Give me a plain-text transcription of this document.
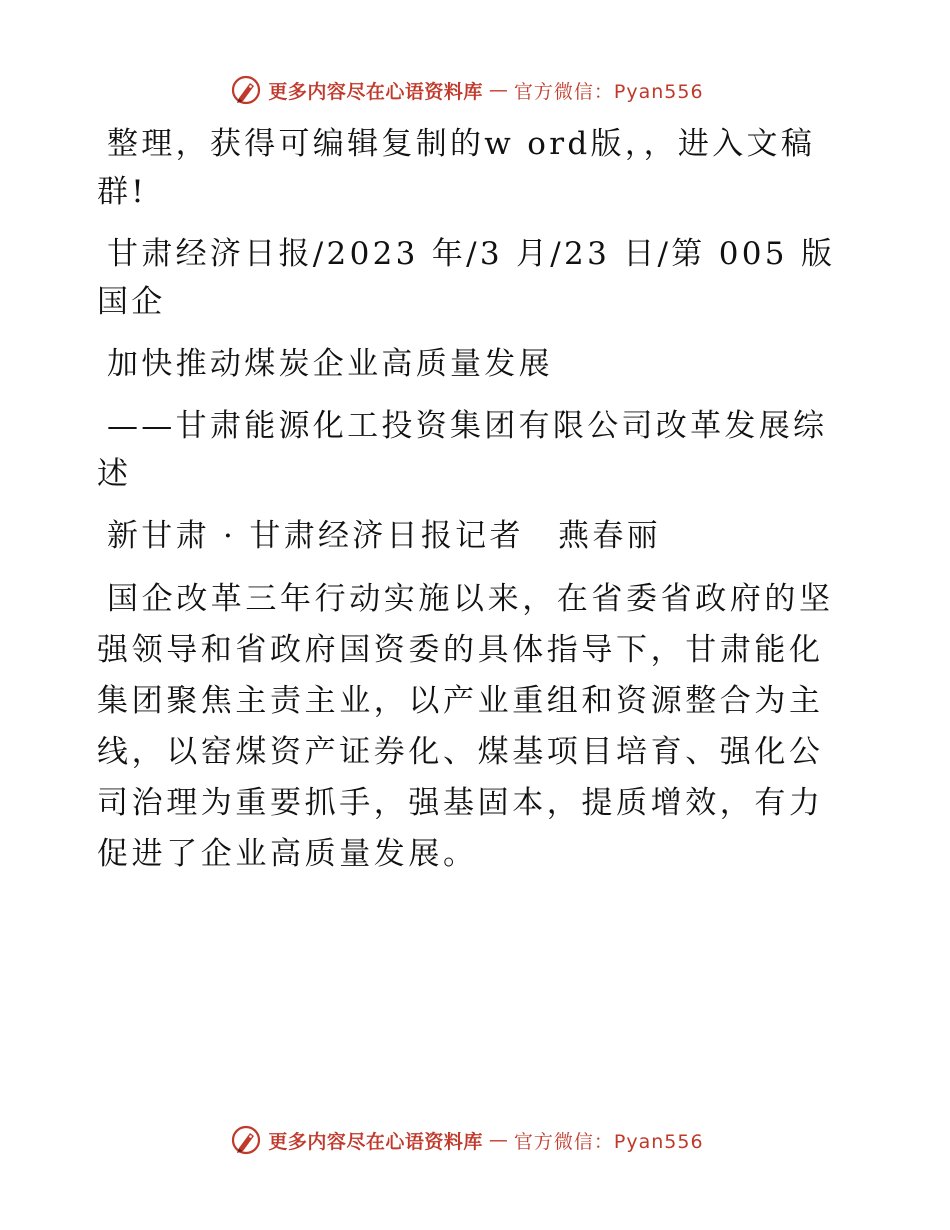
更多内容尽在心语资料库 — 官方微信：Pyan556

整理，获得可编辑复制的w ord版，，进入文稿群!

甘肃经济日报/2023 年/3 月/23 日/第 005 版国企

加快推动煤炭企业高质量发展

——甘肃能源化工投资集团有限公司改革发展综述

新甘肃 · 甘肃经济日报记者　燕春丽

国企改革三年行动实施以来，在省委省政府的坚强领导和省政府国资委的具体指导下，甘肃能化集团聚焦主责主业，以产业重组和资源整合为主线，以窑煤资产证券化、煤基项目培育、强化公司治理为重要抓手，强基固本，提质增效，有力促进了企业高质量发展。

更多内容尽在心语资料库 — 官方微信：Pyan556
